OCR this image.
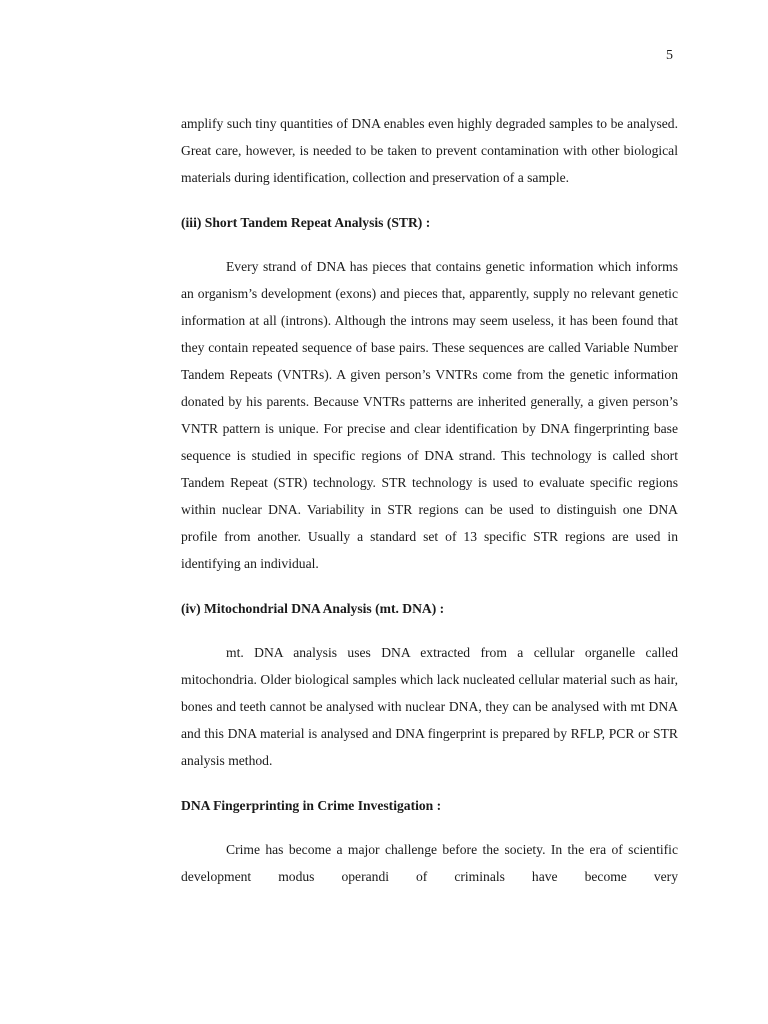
5

amplify such tiny quantities of DNA enables even highly degraded samples to be analysed. Great care, however, is needed to be taken to prevent contamination with other biological materials during identification, collection and preservation of a sample.

(iii) Short Tandem Repeat Analysis (STR) :

Every strand of DNA has pieces that contains genetic information which informs an organism’s development (exons) and pieces that, apparently, supply no relevant genetic information at all (introns). Although the introns may seem useless, it has been found that they contain repeated sequence of base pairs. These sequences are called Variable Number Tandem Repeats (VNTRs). A given person’s VNTRs come from the genetic information donated by his parents. Because VNTRs patterns are inherited generally, a given person’s VNTR pattern is unique. For precise and clear identification by DNA fingerprinting base sequence is studied in specific regions of DNA strand. This technology is called short Tandem Repeat (STR) technology. STR technology is used to evaluate specific regions within nuclear DNA. Variability in STR regions can be used to distinguish one DNA profile from another. Usually a standard set of 13 specific STR regions are used in identifying an individual.

(iv) Mitochondrial DNA Analysis (mt. DNA) :

mt. DNA analysis uses DNA extracted from a cellular organelle called mitochondria. Older biological samples which lack nucleated cellular material such as hair, bones and teeth cannot be analysed with nuclear DNA, they can be analysed with mt DNA and this DNA material is analysed and DNA fingerprint is prepared by RFLP, PCR or STR analysis method.

DNA Fingerprinting in Crime Investigation :

Crime has become a major challenge before the society. In the era of scientific development modus operandi of criminals have become very
